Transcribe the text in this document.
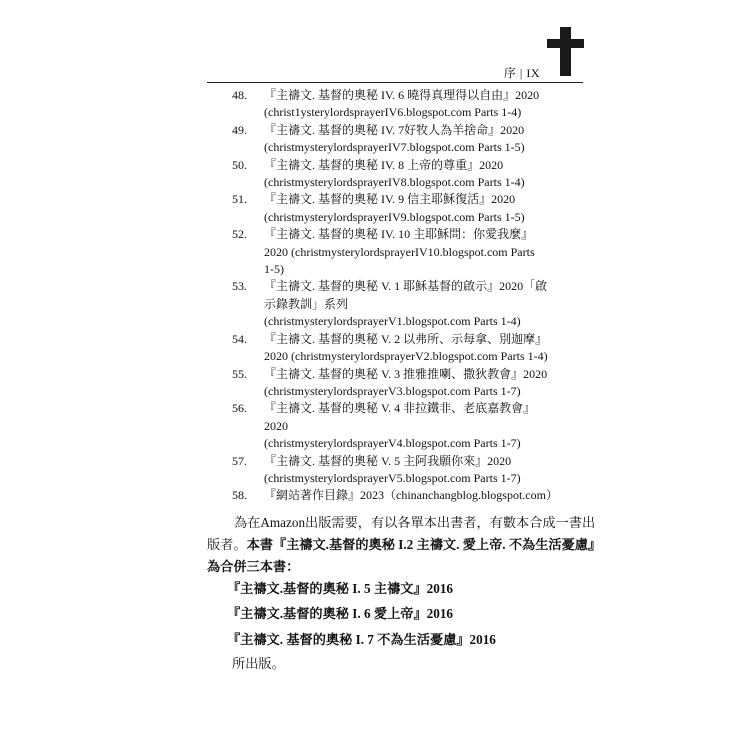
序 | IX
48. 『主禱文. 基督的奧秘 IV. 6 曉得真理得以自由』2020
(christ1ysterylordsprayerIV6.blogspot.com Parts 1-4)
49. 『主禱文. 基督的奧秘 IV. 7好牧人為羊捨命』2020
(christmysterylordsprayerIV7.blogspot.com Parts 1-5)
50. 『主禱文. 基督的奧秘 IV. 8 上帝的尊重』2020
(christmysterylordsprayerIV8.blogspot.com Parts 1-4)
51. 『主禱文. 基督的奧秘 IV. 9 信主耶穌復活』2020
(christmysterylordsprayerIV9.blogspot.com Parts 1-5)
52. 『主禱文. 基督的奧秘 IV. 10 主耶穌問：你愛我麼』
2020 (christmysterylordsprayerIV10.blogspot.com Parts
1-5)
53. 『主禱文. 基督的奧秘 V. 1 耶穌基督的啟示』2020「啟
示錄教訓」系列
(christmysterylordsprayerV1.blogspot.com Parts 1-4)
54. 『主禱文. 基督的奧秘 V. 2 以弗所、示每拿、別迦摩』
2020 (christmysterylordsprayerV2.blogspot.com Parts 1-4)
55. 『主禱文. 基督的奧秘 V. 3 推雅推喇、撒狄教會』2020
(christmysterylordsprayerV3.blogspot.com Parts 1-7)
56. 『主禱文. 基督的奧秘 V. 4 非拉鐵非、老底嘉教會』
2020
(christmysterylordsprayerV4.blogspot.com Parts 1-7)
57. 『主禱文. 基督的奧秘 V. 5 主阿我願你來』2020
(christmysterylordsprayerV5.blogspot.com Parts 1-7)
58. 『網站著作目錄』2023（chinanchangblog.blogspot.com）
為在Amazon出版需要，有以各單本出書者，有數本合成一書出版者。本書『主禱文.基督的奧秘 I.2 主禱文. 愛上帝. 不為生活憂慮』為合併三本書：
『主禱文.基督的奧秘 I. 5 主禱文』2016
『主禱文.基督的奧秘 I. 6 愛上帝』2016
『主禱文. 基督的奧秘 I. 7 不為生活憂慮』2016
所出版。
